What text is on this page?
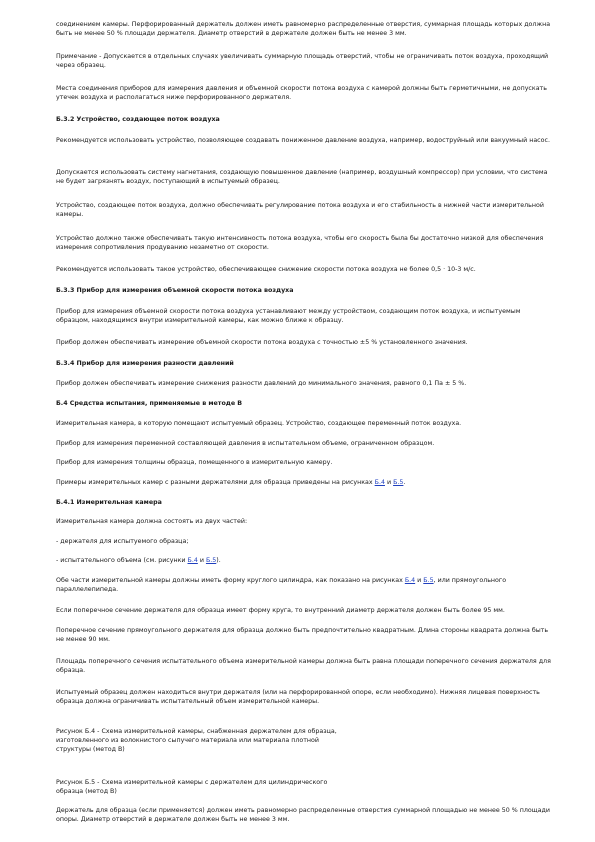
соединением камеры. Перфорированный держатель должен иметь равномерно распределенные отверстия, суммарная площадь которых должна быть не менее 50 % площади держателя. Диаметр отверстий в держателе должен быть не менее 3 мм.
Примечание - Допускается в отдельных случаях увеличивать суммарную площадь отверстий, чтобы не ограничивать поток воздуха, проходящий через образец.
Места соединения приборов для измерения давления и объемной скорости потока воздуха с камерой должны быть герметичными, не допускать утечек воздуха и располагаться ниже перфорированного держателя.
Б.3.2 Устройство, создающее поток воздуха
Рекомендуется использовать устройство, позволяющее создавать пониженное давление воздуха, например, водоструйный или вакуумный насос.
Допускается использовать систему нагнетания, создающую повышенное давление (например, воздушный компрессор) при условии, что система не будет загрязнять воздух, поступающий в испытуемый образец.
Устройство, создающее поток воздуха, должно обеспечивать регулирование потока воздуха и его стабильность в нижней части измерительной камеры.
Устройство должно также обеспечивать такую интенсивность потока воздуха, чтобы его скорость была бы достаточно низкой для обеспечения измерения сопротивления продуванию незаметно от скорости.
Рекомендуется использовать такое устройство, обеспечивающее снижение скорости потока воздуха не более 0,5 · 10-3 м/с.
Б.3.3 Прибор для измерения объемной скорости потока воздуха
Прибор для измерения объемной скорости потока воздуха устанавливают между устройством, создающим поток воздуха, и испытуемым образцом, находящимся внутри измерительной камеры, как можно ближе к образцу.
Прибор должен обеспечивать измерение объемной скорости потока воздуха с точностью ±5 % установленного значения.
Б.3.4 Прибор для измерения разности давлений
Прибор должен обеспечивать измерение снижения разности давлений до минимального значения, равного 0,1 Па ± 5 %.
Б.4 Средства испытания, применяемые в методе В
Измерительная камера, в которую помещают испытуемый образец. Устройство, создающее переменный поток воздуха.
Прибор для измерения переменной составляющей давления в испытательном объеме, ограниченном образцом.
Прибор для измерения толщины образца, помещенного в измерительную камеру.
Примеры измерительных камер с разными держателями для образца приведены на рисунках Б.4 и Б.5.
Б.4.1 Измерительная камера
Измерительная камера должна состоять из двух частей:
- держателя для испытуемого образца;
- испытательного объема (см. рисунки Б.4 и Б.5).
Обе части измерительной камеры должны иметь форму круглого цилиндра, как показано на рисунках Б.4 и Б.5, или прямоугольного параллелепипеда.
Если поперечное сечение держателя для образца имеет форму круга, то внутренний диаметр держателя должен быть более 95 мм.
Поперечное сечение прямоугольного держателя для образца должно быть предпочтительно квадратным. Длина стороны квадрата должна быть не менее 90 мм.
Площадь поперечного сечения испытательного объема измерительной камеры должна быть равна площади поперечного сечения держателя для образца.
Испытуемый образец должен находиться внутри держателя (или на перфорированной опоре, если необходимо). Нижняя лицевая поверхность образца должна ограничивать испытательный объем измерительной камеры.
Рисунок Б.4 - Схема измерительной камеры, снабженная держателем для образца,
изготовленного из волокнистого сыпучего материала или материала плотной
структуры (метод В)
Рисунок Б.5 - Схема измерительной камеры с держателем для цилиндрического
образца (метод В)
Держатель для образца (если применяется) должен иметь равномерно распределенные отверстия суммарной площадью не менее 50 % площади опоры. Диаметр отверстий в держателе должен быть не менее 3 мм.
